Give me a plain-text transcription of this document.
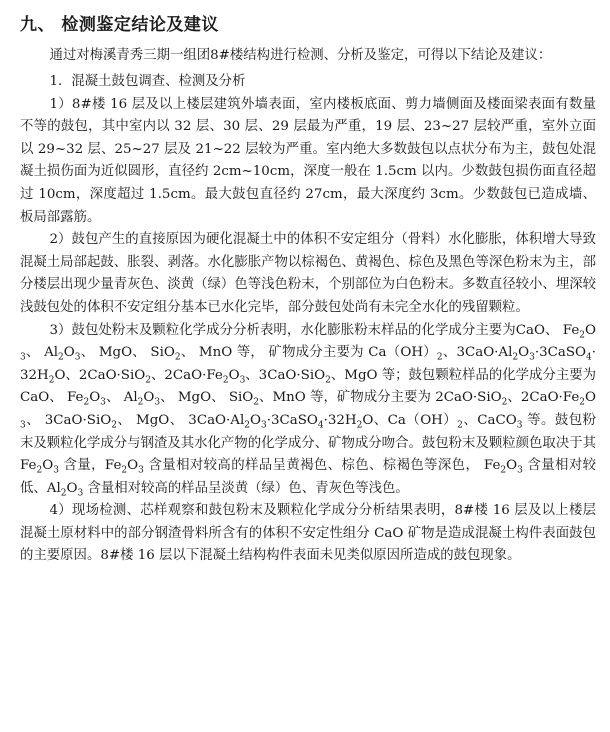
九、 检测鉴定结论及建议

通过对梅溪青秀三期一组团8#楼结构进行检测、分析及鉴定，可得以下结论及建议：

1．混凝土鼓包调查、检测及分析

1）8#楼 16 层及以上楼层建筑外墙表面，室内楼板底面、剪力墙侧面及楼面梁表面有数量不等的鼓包，其中室内以 32 层、30 层、29 层最为严重，19 层、23~27 层较严重，室外立面以 29~32 层、25~27 层及 21~22 层较为严重。室内绝大多数鼓包以点状分布为主，鼓包处混凝土损伤面为近似圆形，直径约 2cm~10cm，深度一般在 1.5cm 以内。少数鼓包损伤面直径超过 10cm，深度超过 1.5cm。最大鼓包直径约 27cm，最大深度约 3cm。少数鼓包已造成墙、板局部露筋。

2）鼓包产生的直接原因为硬化混凝土中的体积不安定组分（骨料）水化膨胀，体积增大导致混凝土局部起鼓、胀裂、剥落。水化膨胀产物以棕褐色、黄褐色、棕色及黑色等深色粉末为主，部分楼层出现少量青灰色、淡黄（绿）色等浅色粉末，个别部位为白色粉末。多数直径较小、埋深较浅鼓包处的体积不安定组分基本已水化完毕，部分鼓包处尚有未完全水化的残留颗粒。

3）鼓包处粉末及颗粒化学成分分析表明，水化膨胀粉末样品的化学成分主要为CaO、 $Fe_2O_3$、 $Al_2O_3$、 MgO、 SiO$_2$、 MnO 等， 矿物成分主要为 $Ca(OH)_2$、$3CaO\cdot Al_2O_3\cdot 3CaSO_4\cdot 32H_2O$、2CaO·SiO$_2$、$2CaO\cdot Fe_2O_3$、3CaO·SiO$_2$、MgO 等；鼓包颗粒样品的化学成分主要为 CaO、 $Fe_2O_3$、 $Al_2O_3$、 MgO、 SiO$_2$、MnO 等，矿物成分主要为 2CaO·SiO$_2$、$2CaO\cdot Fe_2O_3$、 3CaO·SiO$_2$、 MgO、 $3CaO\cdot Al_2O_3\cdot 3CaSO_4\cdot 32H_2O$、$Ca(OH)_2$、CaCO$_3$ 等。鼓包粉末及颗粒化学成分与钢渣及其水化产物的化学成分、矿物成分吻合。鼓包粉末及颗粒颜色取决于其 $Fe_2O_3$ 含量，$Fe_2O_3$ 含量相对较高的样品呈黄褐色、棕色、棕褐色等深色， $Fe_2O_3$ 含量相对较低、$Al_2O_3$ 含量相对较高的样品呈淡黄（绿）色、青灰色等浅色。

4）现场检测、芯样观察和鼓包粉末及颗粒化学成分分析结果表明，8#楼 16 层及以上楼层混凝土原材料中的部分钢渣骨料所含有的体积不安定性组分 CaO 矿物是造成混凝土构件表面鼓包的主要原因。8#楼 16 层以下混凝土结构构件表面未见类似原因所造成的鼓包现象。
